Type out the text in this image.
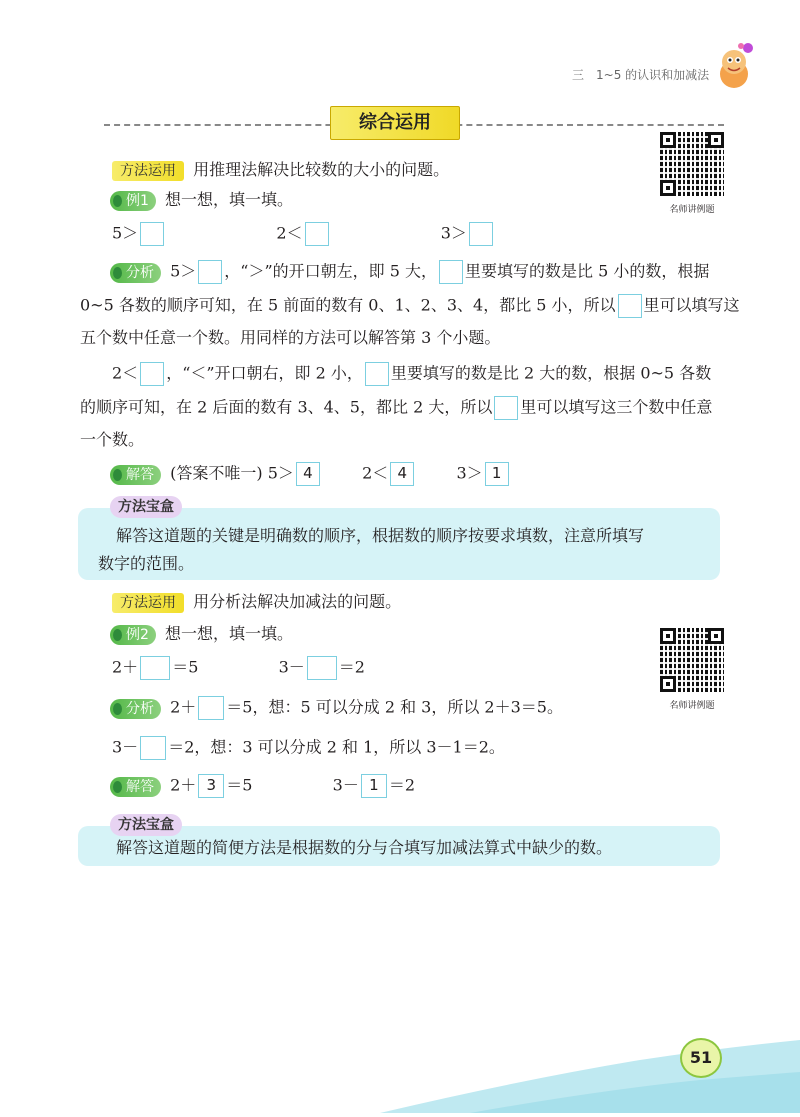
三　1~5 的认识和加减法
综合运用
名师讲例题
方法运用 用推理法解决比较数的大小的问题。
例1 想一想，填一填。
5＞	2＜	3＞
分析 5＞ ，“＞”的开口朝左，即 5 大， 里要填写的数是比 5 小的数，根据
0~5 各数的顺序可知，在 5 前面的数有 0、1、2、3、4，都比 5 小，所以 里可以填写这
五个数中任意一个数。用同样的方法可以解答第 3 个小题。
2＜ ，“＜”开口朝右，即 2 小， 里要填写的数是比 2 大的数，根据 0~5 各数
的顺序可知，在 2 后面的数有 3、4、5，都比 2 大，所以 里可以填写这三个数中任意
一个数。
解答 (答案不唯一) 5＞ 4	2＜ 4	3＞ 1
方法宝盒
解答这道题的关键是明确数的顺序，根据数的顺序按要求填数，注意所填写
数字的范围。
方法运用 用分析法解决加减法的问题。
例2 想一想，填一填。
名师讲例题
2＋ ＝5	3－ ＝2
分析 2＋ ＝5，想：5 可以分成 2 和 3，所以 2＋3＝5。
3－ ＝2，想：3 可以分成 2 和 1，所以 3－1＝2。
解答 2＋ 3 ＝5	3－ 1 ＝2
方法宝盒
解答这道题的简便方法是根据数的分与合填写加减法算式中缺少的数。
51
